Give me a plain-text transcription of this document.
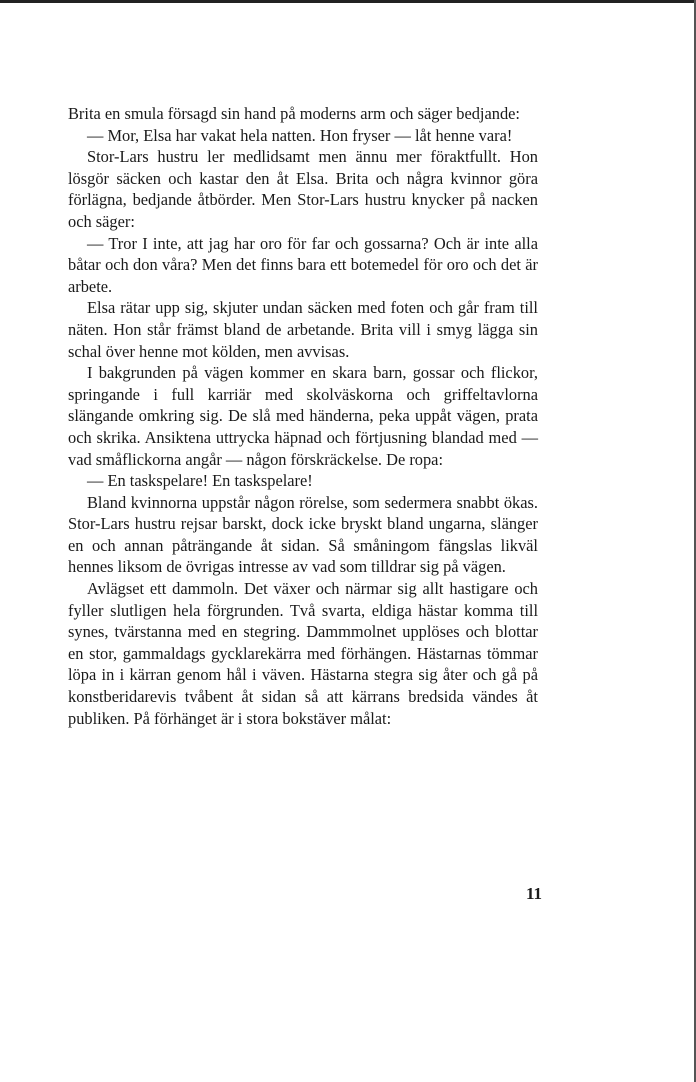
Brita en smula försagd sin hand på moderns arm och säger bedjande:

— Mor, Elsa har vakat hela natten. Hon fryser — låt henne vara!

Stor-Lars hustru ler medlidsamt men ännu mer föraktfullt. Hon lösgör säcken och kastar den åt Elsa. Brita och några kvinnor göra förlägna, bedjande åtbörder. Men Stor-Lars hustru knycker på nacken och säger:

— Tror I inte, att jag har oro för far och gossarna? Och är inte alla båtar och don våra? Men det finns bara ett botemedel för oro och det är arbete.

Elsa rätar upp sig, skjuter undan säcken med foten och går fram till näten. Hon står främst bland de arbetande. Brita vill i smyg lägga sin schal över henne mot kölden, men avvisas.

I bakgrunden på vägen kommer en skara barn, gossar och flickor, springande i full karriär med skolväskorna och griffeltavlorna slängande omkring sig. De slå med händerna, peka uppåt vägen, prata och skrika. Ansiktena uttrycka häpnad och förtjusning blandad med — vad småflickorna angår — någon förskräckelse. De ropa:

— En taskspelare! En taskspelare!

Bland kvinnorna uppstår någon rörelse, som sedermera snabbt ökas. Stor-Lars hustru rejsar barskt, dock icke bryskt bland ungarna, slänger en och annan påträngande åt sidan. Så småningom fängslas likväl hennes liksom de övrigas intresse av vad som tilldrar sig på vägen.

Avlägset ett dammoln. Det växer och närmar sig allt hastigare och fyller slutligen hela förgrunden. Två svarta, eldiga hästar komma till synes, tvärstanna med en stegring. Dammmolnet upplöses och blottar en stor, gammaldags gycklarekärra med förhängen. Hästarnas tömmar löpa in i kärran genom hål i väven. Hästarna stegra sig åter och gå på konstberidarevis tvåbent åt sidan så att kärrans bredsida vändes åt publiken. På förhänget är i stora bokstäver målat:

11
